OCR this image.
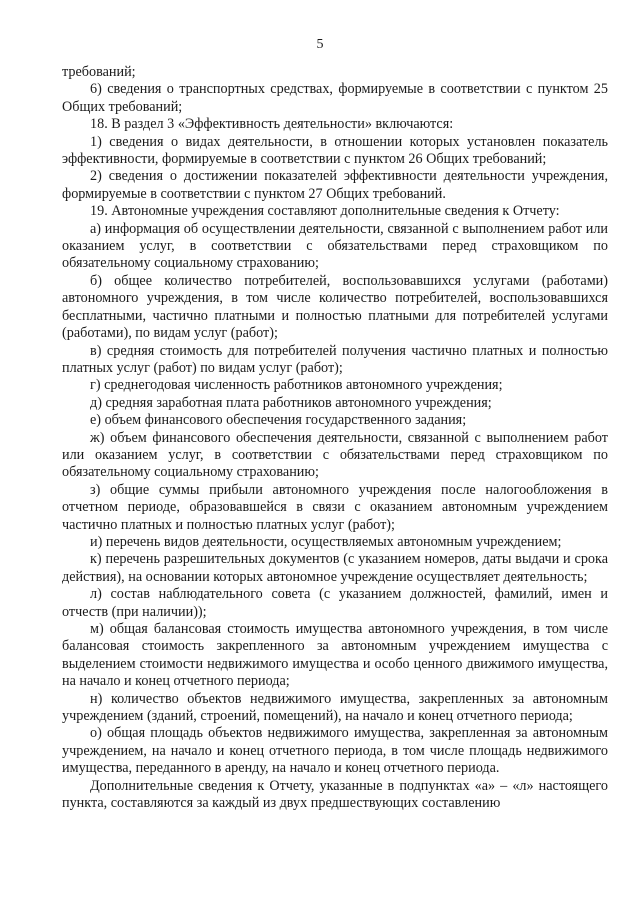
5

требований;

6) сведения о транспортных средствах, формируемые в соответствии с пунктом 25 Общих требований;

18. В раздел 3 «Эффективность деятельности» включаются:

1) сведения о видах деятельности, в отношении которых установлен показатель эффективности, формируемые в соответствии с пунктом 26 Общих требований;

2) сведения о достижении показателей эффективности деятельности учреждения, формируемые в соответствии с пунктом 27 Общих требований.

19. Автономные учреждения составляют дополнительные сведения к Отчету:

а) информация об осуществлении деятельности, связанной с выполнением работ или оказанием услуг, в соответствии с обязательствами перед страховщиком по обязательному социальному страхованию;

б) общее количество потребителей, воспользовавшихся услугами (работами) автономного учреждения, в том числе количество потребителей, воспользовавшихся бесплатными, частично платными и полностью платными для потребителей услугами (работами), по видам услуг (работ);

в) средняя стоимость для потребителей получения частично платных и полностью платных услуг (работ) по видам услуг (работ);

г) среднегодовая численность работников автономного учреждения;

д) средняя заработная плата работников автономного учреждения;

е) объем финансового обеспечения государственного задания;

ж) объем финансового обеспечения деятельности, связанной с выполнением работ или оказанием услуг, в соответствии с обязательствами перед страховщиком по обязательному социальному страхованию;

з) общие суммы прибыли автономного учреждения после налогообложения в отчетном периоде, образовавшейся в связи с оказанием автономным учреждением частично платных и полностью платных услуг (работ);

и) перечень видов деятельности, осуществляемых автономным учреждением;

к) перечень разрешительных документов (с указанием номеров, даты выдачи и срока действия), на основании которых автономное учреждение осуществляет деятельность;

л) состав наблюдательного совета (с указанием должностей, фамилий, имен и отчеств (при наличии));

м) общая балансовая стоимость имущества автономного учреждения, в том числе балансовая стоимость закрепленного за автономным учреждением имущества с выделением стоимости недвижимого имущества и особо ценного движимого имущества, на начало и конец отчетного периода;

н) количество объектов недвижимого имущества, закрепленных за автономным учреждением (зданий, строений, помещений), на начало и конец отчетного периода;

о) общая площадь объектов недвижимого имущества, закрепленная за автономным учреждением, на начало и конец отчетного периода, в том числе площадь недвижимого имущества, переданного в аренду, на начало и конец отчетного периода.

Дополнительные сведения к Отчету, указанные в подпунктах «а» – «л» настоящего пункта, составляются за каждый из двух предшествующих составлению
